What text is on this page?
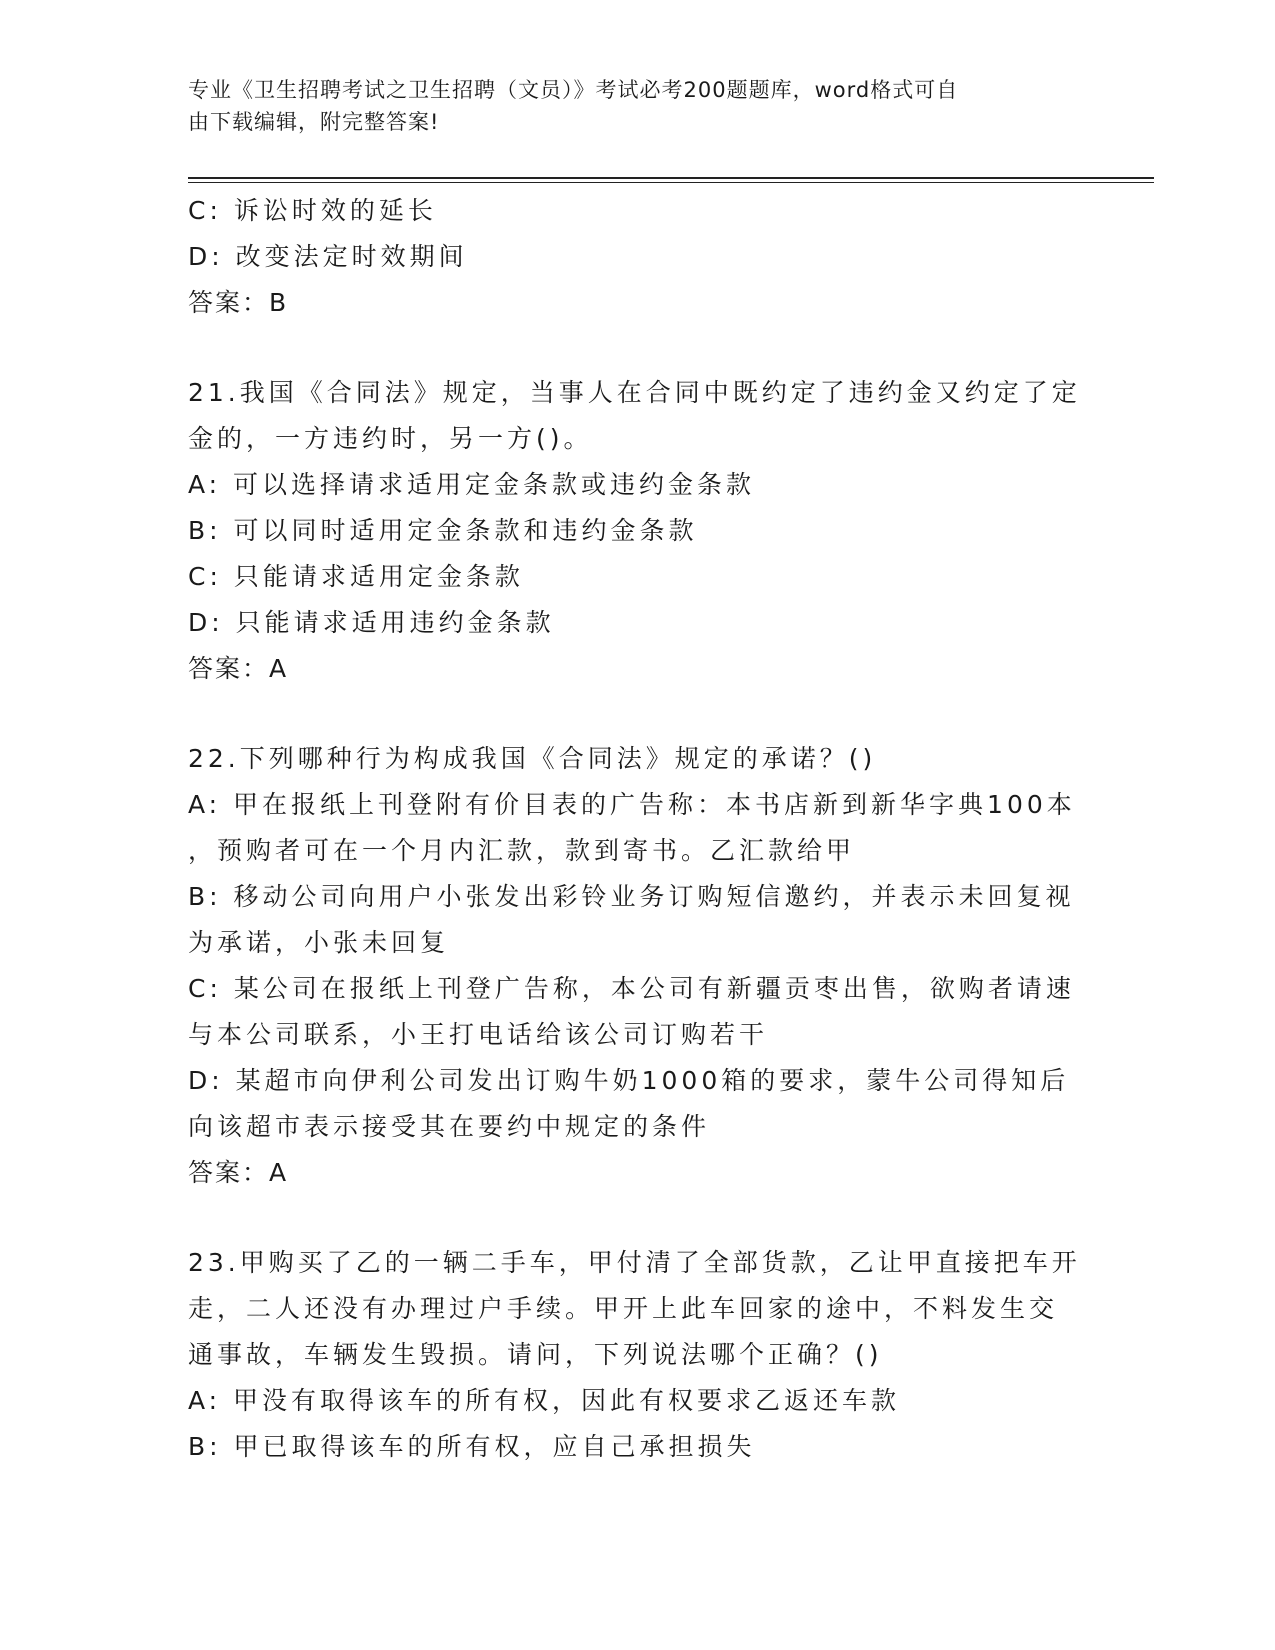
专业《卫生招聘考试之卫生招聘（文员）》考试必考200题题库，word格式可自
由下载编辑，附完整答案!
C: 诉讼时效的延长
D: 改变法定时效期间
答案：B
21.我国《合同法》规定，当事人在合同中既约定了违约金又约定了定
金的，一方违约时，另一方()。
A: 可以选择请求适用定金条款或违约金条款
B: 可以同时适用定金条款和违约金条款
C: 只能请求适用定金条款
D: 只能请求适用违约金条款
答案：A
22.下列哪种行为构成我国《合同法》规定的承诺？()
A: 甲在报纸上刊登附有价目表的广告称：本书店新到新华字典100本
，预购者可在一个月内汇款，款到寄书。乙汇款给甲
B: 移动公司向用户小张发出彩铃业务订购短信邀约，并表示未回复视
为承诺，小张未回复
C: 某公司在报纸上刊登广告称，本公司有新疆贡枣出售，欲购者请速
与本公司联系，小王打电话给该公司订购若干
D: 某超市向伊利公司发出订购牛奶1000箱的要求，蒙牛公司得知后
向该超市表示接受其在要约中规定的条件
答案：A
23.甲购买了乙的一辆二手车，甲付清了全部货款，乙让甲直接把车开
走，二人还没有办理过户手续。甲开上此车回家的途中，不料发生交
通事故，车辆发生毁损。请问，下列说法哪个正确？()
A: 甲没有取得该车的所有权，因此有权要求乙返还车款
B: 甲已取得该车的所有权，应自己承担损失
